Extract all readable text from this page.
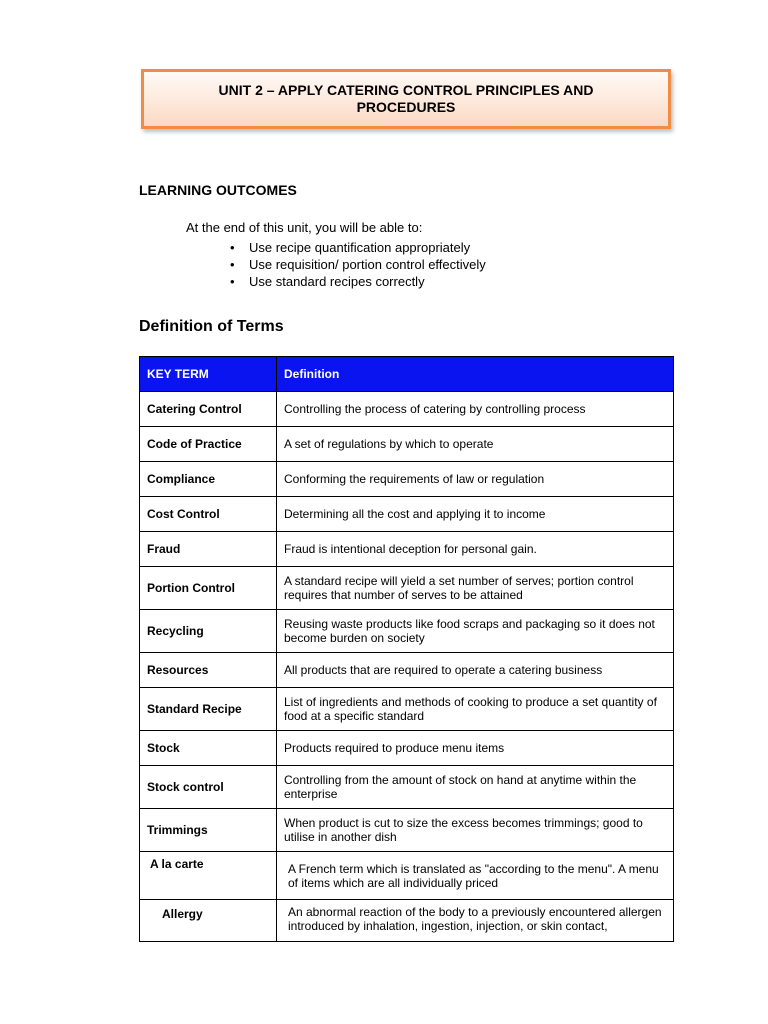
UNIT 2 – APPLY CATERING CONTROL PRINCIPLES AND PROCEDURES
LEARNING OUTCOMES
At the end of this unit, you will be able to:
• Use recipe quantification appropriately
• Use requisition/ portion control effectively
• Use standard recipes correctly
Definition of Terms
KEY TERM	Definition
Catering Control	Controlling the process of catering by controlling process
Code of Practice	A set of regulations by which to operate
Compliance	Conforming the requirements of law or regulation
Cost Control	Determining all the cost and applying it to income
Fraud	Fraud is intentional deception for personal gain.
Portion Control	A standard recipe will yield a set number of serves; portion control requires that number of serves to be attained
Recycling	Reusing waste products like food scraps and packaging so it does not become burden on society
Resources	All products that are required to operate a catering business
Standard Recipe	List of ingredients and methods of cooking to produce a set quantity of food at a specific standard
Stock	Products required to produce menu items
Stock control	Controlling from the amount of stock on hand at anytime within the enterprise
Trimmings	When product is cut to size the excess becomes trimmings; good to utilise in another dish
A la carte	A French term which is translated as "according to the menu". A menu of items which are all individually priced
Allergy	An abnormal reaction of the body to a previously encountered allergen introduced by inhalation, ingestion, injection, or skin contact,
